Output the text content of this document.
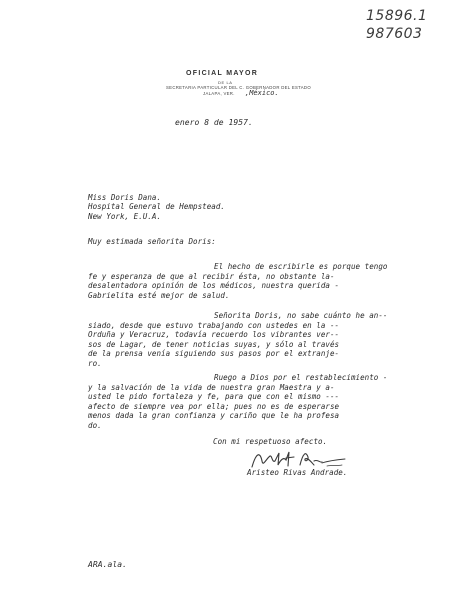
15896.1
987603
OFICIAL MAYOR
DE LA
SECRETARIA PARTICULAR DEL C. GOBERNADOR DEL ESTADO
JALAPA, VER. ,México.
enero 8 de 1957.
Miss Doris Dana.
Hospital General de Hempstead.
New York, E.U.A.
Muy estimada señorita Doris:
El hecho de escribirle es porque tengo
fe y esperanza de que al recibir ésta, no obstante la-
desalentadora opinión de los médicos, nuestra querida -
Gabrielita esté mejor de salud.
Señorita Doris, no sabe cuánto he an--
siado, desde que estuvo trabajando con ustedes en la --
Orduña y Veracruz, todavía recuerdo los vibrantes ver--
sos de Lagar, de tener noticias suyas, y sólo al través
de la prensa venía siguiendo sus pasos por el extranje-
ro.
Ruego a Dios por el restablecimiento -
y la salvación de la vida de nuestra gran Maestra y a-
usted le pido fortaleza y fe, para que con el mismo ---
afecto de siempre vea por ella; pues no es de esperarse
menos dada la gran confianza y cariño que le ha profesa
do.
Con mi respetuoso afecto.
Aristeo Rivas Andrade.
ARA.ala.
